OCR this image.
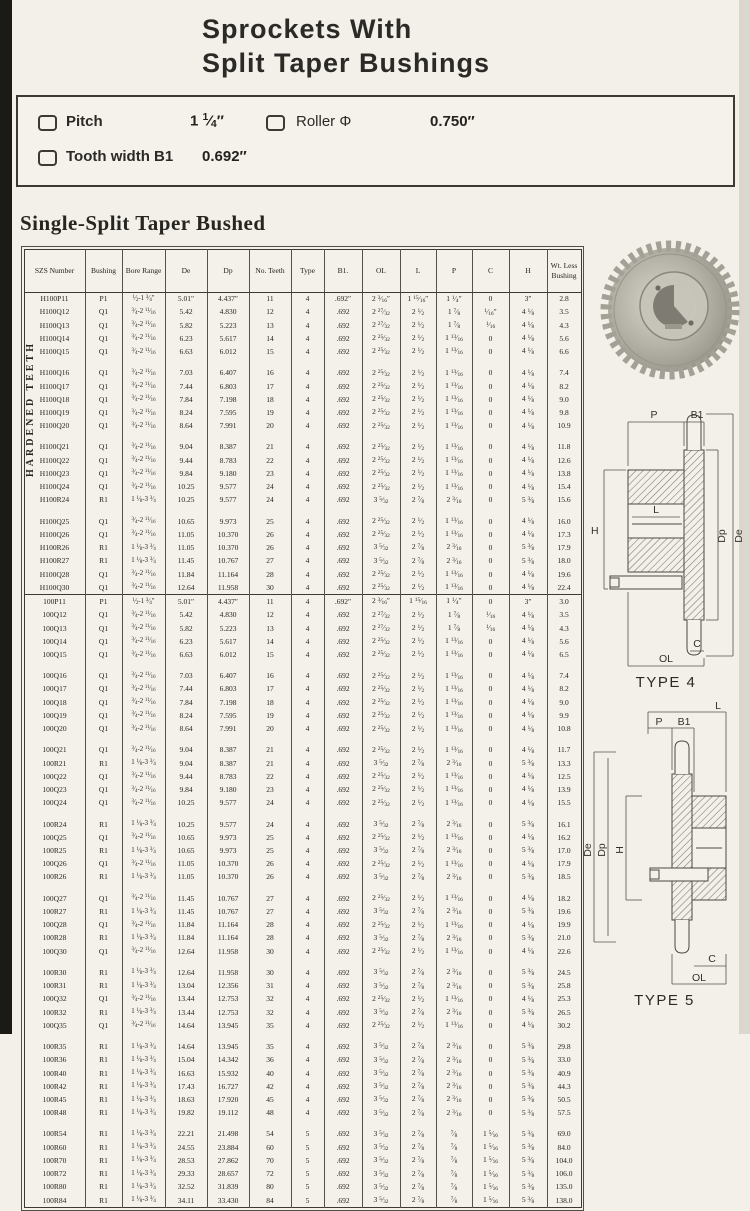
Sprockets With
Split Taper Bushings
Pitch	1 $^1⁄_4''$	Roller Φ	0.750″
Tooth width B1 0.692″
Single-Split Taper Bushed
SZS Number	Bushing	Bore Range	De	Dp	No. Teeth	Type	B1.	OL	L	P	C	H	Wt. Less Bushing
H100P11	P1	$^1⁄_2-1$ $^3⁄_4''$	5.01″	4.437″	11	4	.692″	2 $^3⁄_{16}''$	1 $^{15}⁄_{16}''$	1 $^1⁄_4''$	0	3″	2.8
H100Q12	Q1	$^3⁄_4-2$ $^{11}⁄_{16}$	5.42	4.830	12	4	.692	2 $^{27}⁄_{32}$	2 $^1⁄_2$	1 $^7⁄_8$	$^1⁄_{16}''$	4 $^1⁄_8$	3.5
H100Q13	Q1	$^3⁄_4-2$ $^{11}⁄_{16}$	5.82	5.223	13	4	.692	2 $^{27}⁄_{32}$	2 $^1⁄_2$	1 $^7⁄_8$	$^1⁄_{16}$	4 $^1⁄_8$	4.3
H100Q14	Q1	$^3⁄_4-2$ $^{11}⁄_{16}$	6.23	5.617	14	4	.692	2 $^{25}⁄_{32}$	2 $^1⁄_2$	1 $^{13}⁄_{16}$	0	4 $^1⁄_8$	5.6
H100Q15	Q1	$^3⁄_4-2$ $^{11}⁄_{16}$	6.63	6.012	15	4	.692	2 $^{25}⁄_{32}$	2 $^1⁄_2$	1 $^{13}⁄_{16}$	0	4 $^1⁄_8$	6.6

H100Q16	Q1	$^3⁄_4-2$ $^{11}⁄_{16}$	7.03	6.407	16	4	.692	2 $^{25}⁄_{32}$	2 $^1⁄_2$	1 $^{13}⁄_{16}$	0	4 $^1⁄_8$	7.4
H100Q17	Q1	$^3⁄_4-2$ $^{11}⁄_{16}$	7.44	6.803	17	4	.692	2 $^{25}⁄_{32}$	2 $^1⁄_2$	1 $^{13}⁄_{16}$	0	4 $^1⁄_8$	8.2
H100Q18	Q1	$^3⁄_4-2$ $^{11}⁄_{16}$	7.84	7.198	18	4	.692	2 $^{25}⁄_{32}$	2 $^1⁄_2$	1 $^{13}⁄_{16}$	0	4 $^1⁄_8$	9.0
H100Q19	Q1	$^3⁄_4-2$ $^{11}⁄_{16}$	8.24	7.595	19	4	.692	2 $^{25}⁄_{32}$	2 $^1⁄_2$	1 $^{13}⁄_{16}$	0	4 $^1⁄_8$	9.8
H100Q20	Q1	$^3⁄_4-2$ $^{11}⁄_{16}$	8.64	7.991	20	4	.692	2 $^{25}⁄_{32}$	2 $^1⁄_2$	1 $^{13}⁄_{16}$	0	4 $^1⁄_8$	10.9

H100Q21	Q1	$^3⁄_4-2$ $^{11}⁄_{16}$	9.04	8.387	21	4	.692	2 $^{25}⁄_{32}$	2 $^1⁄_2$	1 $^{13}⁄_{16}$	0	4 $^1⁄_8$	11.8
H100Q22	Q1	$^3⁄_4-2$ $^{11}⁄_{16}$	9.44	8.783	22	4	.692	2 $^{25}⁄_{32}$	2 $^1⁄_2$	1 $^{13}⁄_{16}$	0	4 $^1⁄_8$	12.6
H100Q23	Q1	$^3⁄_4-2$ $^{11}⁄_{16}$	9.84	9.180	23	4	.692	2 $^{25}⁄_{32}$	2 $^1⁄_2$	1 $^{13}⁄_{16}$	0	4 $^1⁄_8$	13.8
H100Q24	Q1	$^3⁄_4-2$ $^{11}⁄_{16}$	10.25	9.577	24	4	.692	2 $^{25}⁄_{32}$	2 $^1⁄_2$	1 $^{13}⁄_{16}$	0	4 $^1⁄_8$	15.4
H100R24	R1	1 $^1⁄_8-3$ $^3⁄_4$	10.25	9.577	24	4	.692	3 $^5⁄_{32}$	2 $^7⁄_8$	2 $^3⁄_{16}$	0	5 $^3⁄_8$	15.6

H100Q25	Q1	$^3⁄_4-2$ $^{11}⁄_{16}$	10.65	9.973	25	4	.692	2 $^{25}⁄_{32}$	2 $^1⁄_2$	1 $^{13}⁄_{16}$	0	4 $^1⁄_8$	16.0
H100Q26	Q1	$^3⁄_4-2$ $^{11}⁄_{16}$	11.05	10.370	26	4	.692	2 $^{25}⁄_{32}$	2 $^1⁄_2$	1 $^{13}⁄_{16}$	0	4 $^1⁄_8$	17.3
H100R26	R1	1 $^1⁄_8-3$ $^3⁄_4$	11.05	10.370	26	4	.692	3 $^5⁄_{32}$	2 $^7⁄_8$	2 $^3⁄_{16}$	0	5 $^3⁄_8$	17.9
H100R27	R1	1 $^1⁄_8-3$ $^3⁄_4$	11.45	10.767	27	4	.692	3 $^5⁄_{32}$	2 $^7⁄_8$	2 $^3⁄_{16}$	0	5 $^3⁄_8$	18.0
H100Q28	Q1	$^3⁄_4-2$ $^{11}⁄_{16}$	11.84	11.164	28	4	.692	2 $^{25}⁄_{32}$	2 $^1⁄_2$	1 $^{13}⁄_{16}$	0	4 $^1⁄_8$	19.6
H100Q30	Q1	$^3⁄_4-2$ $^{11}⁄_{16}$	12.64	11.958	30	4	.692	2 $^{25}⁄_{32}$	2 $^1⁄_2$	1 $^{13}⁄_{16}$	0	4 $^1⁄_8$	22.4
100P11	P1	$^1⁄_2-1$ $^3⁄_4''$	5.01″	4.437″	11	4	.692″	2 $^3⁄_{16}''$	1 $^{15}⁄_{16}$	1 $^1⁄_4''$	0	3″	3.0
100Q12	Q1	$^3⁄_4-2$ $^{11}⁄_{16}$	5.42	4.830	12	4	.692	2 $^{27}⁄_{32}$	2 $^1⁄_2$	1 $^7⁄_8$	$^1⁄_{16}$	4 $^1⁄_8$	3.5
100Q13	Q1	$^3⁄_4-2$ $^{11}⁄_{16}$	5.82	5.223	13	4	.692	2 $^{27}⁄_{32}$	2 $^1⁄_2$	1 $^7⁄_8$	$^1⁄_{16}$	4 $^1⁄_8$	4.3
100Q14	Q1	$^3⁄_4-2$ $^{11}⁄_{16}$	6.23	5.617	14	4	.692	2 $^{25}⁄_{32}$	2 $^1⁄_2$	1 $^{13}⁄_{16}$	0	4 $^1⁄_8$	5.6
100Q15	Q1	$^3⁄_4-2$ $^{11}⁄_{16}$	6.63	6.012	15	4	.692	2 $^{25}⁄_{32}$	2 $^1⁄_2$	1 $^{13}⁄_{16}$	0	4 $^1⁄_8$	6.5

100Q16	Q1	$^3⁄_4-2$ $^{11}⁄_{16}$	7.03	6.407	16	4	.692	2 $^{25}⁄_{32}$	2 $^1⁄_2$	1 $^{13}⁄_{16}$	0	4 $^1⁄_8$	7.4
100Q17	Q1	$^3⁄_4-2$ $^{11}⁄_{16}$	7.44	6.803	17	4	.692	2 $^{25}⁄_{32}$	2 $^1⁄_2$	1 $^{13}⁄_{16}$	0	4 $^1⁄_8$	8.2
100Q18	Q1	$^3⁄_4-2$ $^{11}⁄_{16}$	7.84	7.198	18	4	.692	2 $^{25}⁄_{32}$	2 $^1⁄_2$	1 $^{13}⁄_{16}$	0	4 $^1⁄_8$	9.0
100Q19	Q1	$^3⁄_4-2$ $^{11}⁄_{16}$	8.24	7.595	19	4	.692	2 $^{25}⁄_{32}$	2 $^1⁄_2$	1 $^{13}⁄_{16}$	0	4 $^1⁄_8$	9.9
100Q20	Q1	$^3⁄_4-2$ $^{11}⁄_{16}$	8.64	7.991	20	4	.692	2 $^{25}⁄_{32}$	2 $^1⁄_2$	1 $^{13}⁄_{16}$	0	4 $^1⁄_8$	10.8

100Q21	Q1	$^3⁄_4-2$ $^{11}⁄_{16}$	9.04	8.387	21	4	.692	2 $^{25}⁄_{32}$	2 $^1⁄_2$	1 $^{13}⁄_{16}$	0	4 $^1⁄_8$	11.7
100R21	R1	1 $^1⁄_8-3$ $^3⁄_4$	9.04	8.387	21	4	.692	3 $^5⁄_{32}$	2 $^7⁄_8$	2 $^3⁄_{16}$	0	5 $^3⁄_8$	13.3
100Q22	Q1	$^3⁄_4-2$ $^{11}⁄_{16}$	9.44	8.783	22	4	.692	2 $^{25}⁄_{32}$	2 $^1⁄_2$	1 $^{13}⁄_{16}$	0	4 $^1⁄_8$	12.5
100Q23	Q1	$^3⁄_4-2$ $^{11}⁄_{16}$	9.84	9.180	23	4	.692	2 $^{25}⁄_{32}$	2 $^1⁄_2$	1 $^{13}⁄_{16}$	0	4 $^1⁄_8$	13.9
100Q24	Q1	$^3⁄_4-2$ $^{11}⁄_{16}$	10.25	9.577	24	4	.692	2 $^{25}⁄_{32}$	2 $^1⁄_2$	1 $^{13}⁄_{16}$	0	4 $^1⁄_8$	15.5

100R24	R1	1 $^1⁄_8-3$ $^3⁄_4$	10.25	9.577	24	4	.692	3 $^5⁄_{32}$	2 $^7⁄_8$	2 $^3⁄_{16}$	0	5 $^3⁄_8$	16.1
100Q25	Q1	$^3⁄_4-2$ $^{11}⁄_{16}$	10.65	9.973	25	4	.692	2 $^{25}⁄_{32}$	2 $^1⁄_2$	1 $^{13}⁄_{16}$	0	4 $^1⁄_8$	16.2
100R25	R1	1 $^1⁄_8-3$ $^3⁄_4$	10.65	9.973	25	4	.692	3 $^5⁄_{32}$	2 $^7⁄_8$	2 $^3⁄_{16}$	0	5 $^3⁄_8$	17.0
100Q26	Q1	$^3⁄_4-2$ $^{11}⁄_{16}$	11.05	10.370	26	4	.692	2 $^{25}⁄_{32}$	2 $^1⁄_2$	1 $^{13}⁄_{16}$	0	4 $^1⁄_8$	17.9
100R26	R1	1 $^1⁄_8-3$ $^3⁄_4$	11.05	10.370	26	4	.692	3 $^5⁄_{32}$	2 $^7⁄_8$	2 $^3⁄_{16}$	0	5 $^3⁄_8$	18.5

100Q27	Q1	$^3⁄_4-2$ $^{11}⁄_{16}$	11.45	10.767	27	4	.692	2 $^{25}⁄_{32}$	2 $^1⁄_2$	1 $^{13}⁄_{16}$	0	4 $^1⁄_8$	18.2
100R27	R1	1 $^1⁄_8-3$ $^3⁄_4$	11.45	10.767	27	4	.692	3 $^5⁄_{32}$	2 $^7⁄_8$	2 $^3⁄_{16}$	0	5 $^3⁄_8$	19.6
100Q28	Q1	$^3⁄_4-2$ $^{11}⁄_{16}$	11.84	11.164	28	4	.692	2 $^{25}⁄_{32}$	2 $^1⁄_2$	1 $^{13}⁄_{16}$	0	4 $^1⁄_8$	19.9
100R28	R1	1 $^1⁄_8-3$ $^3⁄_4$	11.84	11.164	28	4	.692	3 $^5⁄_{32}$	2 $^7⁄_8$	2 $^3⁄_{16}$	0	5 $^3⁄_8$	21.0
100Q30	Q1	$^3⁄_4-2$ $^{11}⁄_{16}$	12.64	11.958	30	4	.692	2 $^{25}⁄_{32}$	2 $^1⁄_2$	1 $^{13}⁄_{16}$	0	4 $^1⁄_8$	22.6

100R30	R1	1 $^1⁄_8-3$ $^3⁄_4$	12.64	11.958	30	4	.692	3 $^5⁄_{32}$	2 $^7⁄_8$	2 $^3⁄_{16}$	0	5 $^3⁄_8$	24.5
100R31	R1	1 $^1⁄_8-3$ $^3⁄_4$	13.04	12.356	31	4	.692	3 $^5⁄_{32}$	2 $^7⁄_8$	2 $^3⁄_{16}$	0	5 $^3⁄_8$	25.8
100Q32	Q1	$^3⁄_4-2$ $^{11}⁄_{16}$	13.44	12.753	32	4	.692	2 $^{25}⁄_{32}$	2 $^1⁄_2$	1 $^{13}⁄_{16}$	0	4 $^1⁄_8$	25.3
100R32	R1	1 $^1⁄_8-3$ $^3⁄_4$	13.44	12.753	32	4	.692	3 $^5⁄_{32}$	2 $^7⁄_8$	2 $^3⁄_{16}$	0	5 $^3⁄_8$	26.5
100Q35	Q1	$^3⁄_4-2$ $^{11}⁄_{16}$	14.64	13.945	35	4	.692	2 $^{25}⁄_{32}$	2 $^1⁄_2$	1 $^{13}⁄_{16}$	0	4 $^1⁄_8$	30.2

100R35	R1	1 $^1⁄_8-3$ $^3⁄_4$	14.64	13.945	35	4	.692	3 $^5⁄_{32}$	2 $^7⁄_8$	2 $^3⁄_{16}$	0	5 $^3⁄_8$	29.8
100R36	R1	1 $^1⁄_8-3$ $^3⁄_4$	15.04	14.342	36	4	.692	3 $^5⁄_{32}$	2 $^7⁄_8$	2 $^3⁄_{16}$	0	5 $^3⁄_8$	33.0
100R40	R1	1 $^1⁄_8-3$ $^3⁄_4$	16.63	15.932	40	4	.692	3 $^5⁄_{32}$	2 $^7⁄_8$	2 $^3⁄_{16}$	0	5 $^3⁄_8$	40.9
100R42	R1	1 $^1⁄_8-3$ $^3⁄_4$	17.43	16.727	42	4	.692	3 $^5⁄_{32}$	2 $^7⁄_8$	2 $^3⁄_{16}$	0	5 $^3⁄_8$	44.3
100R45	R1	1 $^1⁄_8-3$ $^3⁄_4$	18.63	17.920	45	4	.692	3 $^5⁄_{32}$	2 $^7⁄_8$	2 $^3⁄_{16}$	0	5 $^3⁄_8$	50.5
100R48	R1	1 $^1⁄_8-3$ $^3⁄_4$	19.82	19.112	48	4	.692	3 $^5⁄_{32}$	2 $^7⁄_8$	2 $^3⁄_{16}$	0	5 $^3⁄_8$	57.5

100R54	R1	1 $^1⁄_8-3$ $^3⁄_4$	22.21	21.498	54	5	.692	3 $^5⁄_{32}$	2 $^7⁄_8$	$^7⁄_8$	1 $^5⁄_{16}$	5 $^3⁄_8$	69.0
100R60	R1	1 $^1⁄_8-3$ $^3⁄_4$	24.55	23.884	60	5	.692	3 $^5⁄_{32}$	2 $^7⁄_8$	$^7⁄_8$	1 $^5⁄_{16}$	5 $^3⁄_8$	84.0
100R70	R1	1 $^1⁄_8-3$ $^3⁄_4$	28.53	27.862	70	5	.692	3 $^5⁄_{32}$	2 $^7⁄_8$	$^7⁄_8$	1 $^5⁄_{16}$	5 $^3⁄_8$	104.0
100R72	R1	1 $^1⁄_8-3$ $^3⁄_4$	29.33	28.657	72	5	.692	3 $^5⁄_{32}$	2 $^7⁄_8$	$^7⁄_8$	1 $^5⁄_{16}$	5 $^3⁄_8$	106.0
100R80	R1	1 $^1⁄_8-3$ $^3⁄_4$	32.52	31.839	80	5	.692	3 $^5⁄_{32}$	2 $^7⁄_8$	$^7⁄_8$	1 $^5⁄_{16}$	5 $^3⁄_8$	135.0
100R84	R1	1 $^1⁄_8-3$ $^3⁄_4$	34.11	33.430	84	5	.692	3 $^5⁄_{32}$	2 $^7⁄_8$	$^7⁄_8$	1 $^5⁄_{16}$	5 $^3⁄_8$	138.0
HARDENED TEETH	P	B1
H
L
Dp De
C
OL
TYPE 4
L
P B1
De Dp H
C
OL
TYPE 5
